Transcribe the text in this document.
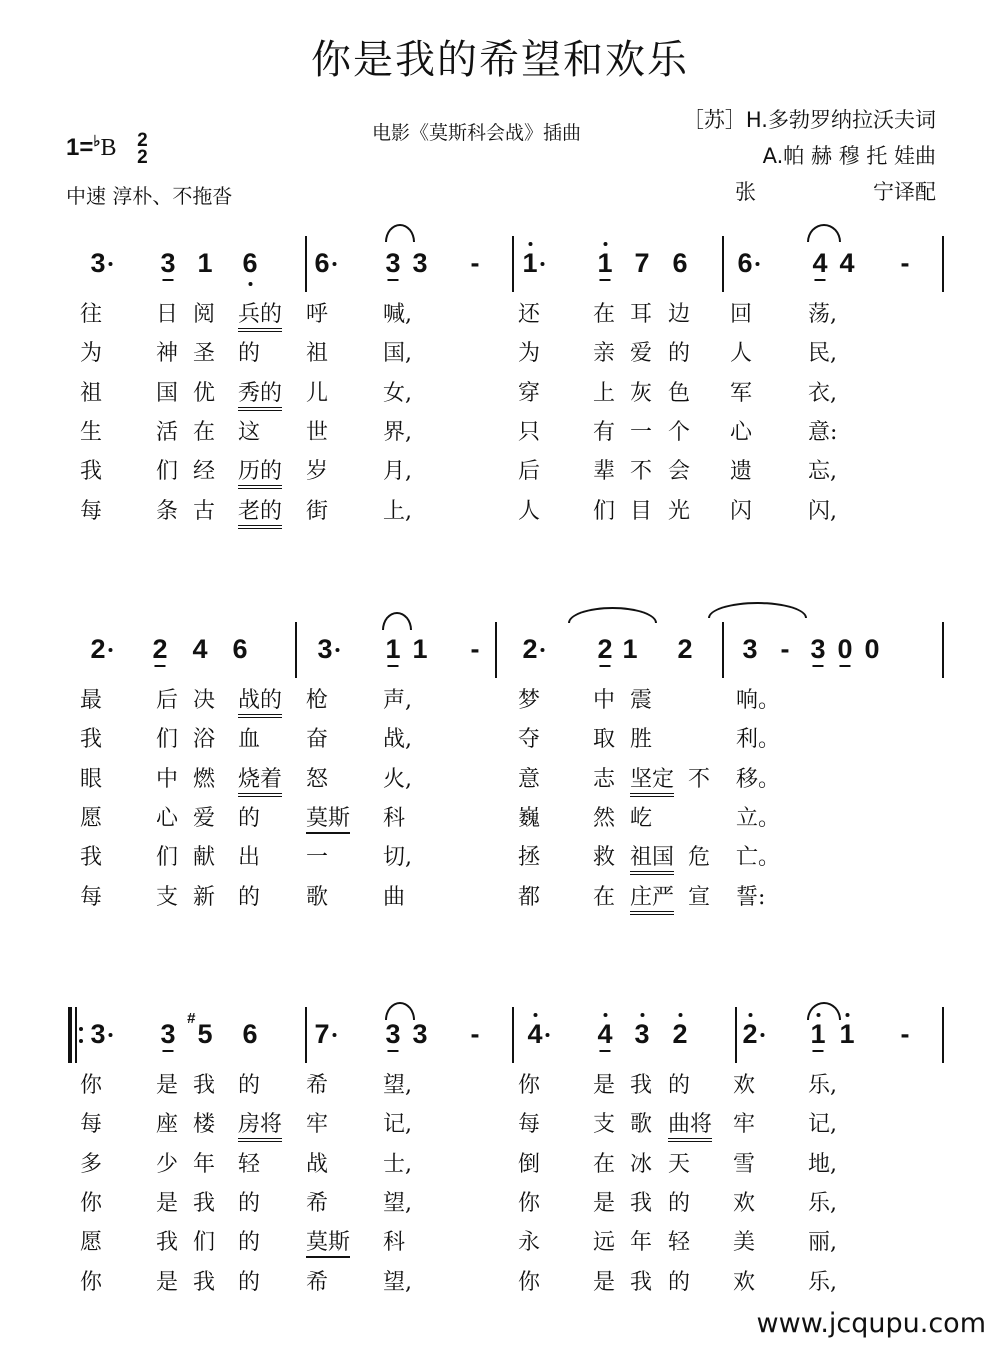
你是我的希望和欢乐
1=♭B 2
2
中速 淳朴、不拖沓
电影《莫斯科会战》插曲
［苏］H.多勃罗纳拉沃夫词
A.帕 赫 穆 托 娃曲
张	宁译配
3 3 1 6 6 3 3 - 1 1 7 6 6 4 4 -
往 日 阅 兵的 呼 喊,	还 在 耳 边 回	荡,
为 神 圣 的 祖 国,	为 亲 爱 的 人	民,
祖 国 优 秀的 儿 女,	穿 上 灰 色 军	衣,
生 活 在 这 世 界,	只 有 一 个 心	意:
我 们 经 历的 岁 月,	后 辈 不 会 遗	忘,
每 条 古 老的 街 上,	人 们 目 光 闪	闪,
2 2 4 6	3 1 1 - 2 2 1 2 3 - 3 0 0
最 后 决 战的 枪 声,	梦 中 震	响。
我 们 浴 血 奋 战,	夺 取 胜	利。
眼 中 燃 烧着 怒 火,	意 志 坚定 不 移。
愿 心 爱 的 莫斯 科	巍 然 屹	立。
我 们 献 出 一 切,	拯 救 祖国 危 亡。
每 支 新 的 歌 曲	都 在 庄严 宣 誓:
3 3 5
#
6 7 3 3 - 4 4 3 2 2 1 1 -
你 是 我 的 希 望,	你 是 我 的 欢 乐,
每 座 楼 房将 牢 记,	每 支 歌 曲将 牢 记,
多 少 年 轻 战 士,	倒 在 冰 天 雪 地,
你 是 我 的 希 望,	你 是 我 的 欢 乐,
愿 我 们 的 莫斯 科	永 远 年 轻 美 丽,
你 是 我 的 希 望,	你 是 我 的 欢 乐,
www.jcqupu.com
